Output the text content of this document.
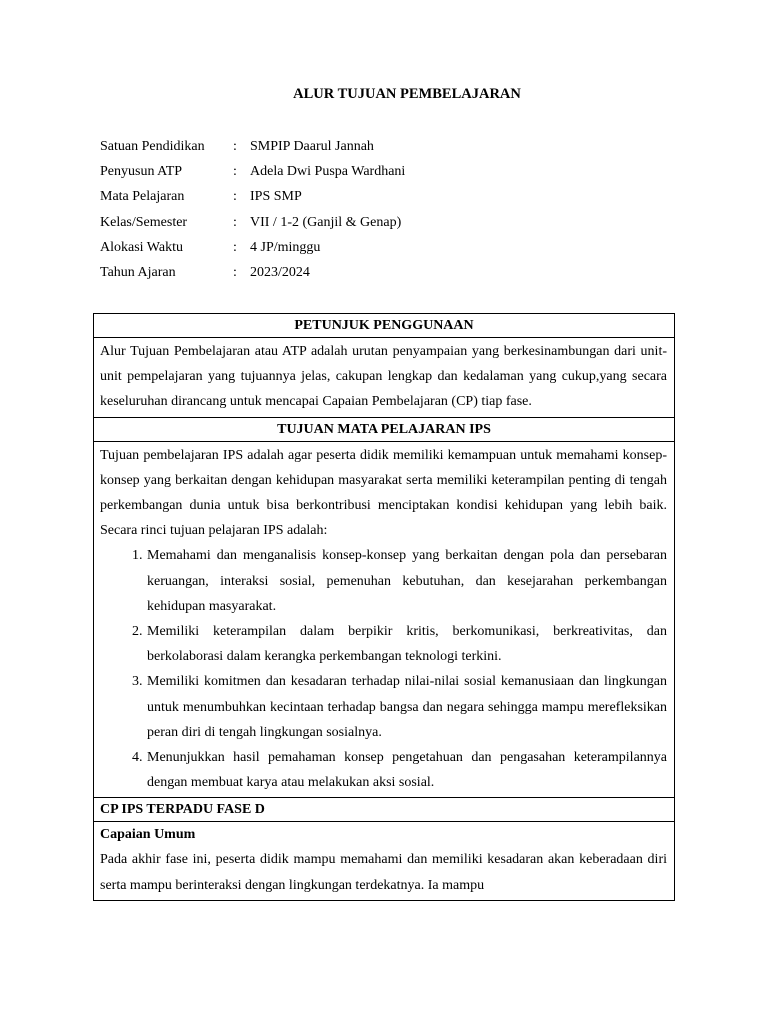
ALUR TUJUAN PEMBELAJARAN
Satuan Pendidikan : SMPIP Daarul Jannah
Penyusun ATP	: Adela Dwi Puspa Wardhani
Mata Pelajaran	: IPS SMP
Kelas/Semester	: VII / 1-2 (Ganjil & Genap)
Alokasi Waktu	: 4 JP/minggu
Tahun Ajaran	: 2023/2024
PETUNJUK PENGGUNAAN
Alur Tujuan Pembelajaran atau ATP adalah urutan penyampaian yang berkesinambungan dari unit-unit pempelajaran yang tujuannya jelas, cakupan lengkap dan kedalaman yang cukup,yang secara keseluruhan dirancang untuk mencapai Capaian Pembelajaran (CP) tiap fase.
TUJUAN MATA PELAJARAN IPS
Tujuan pembelajaran IPS adalah agar peserta didik memiliki kemampuan untuk memahami konsep-konsep yang berkaitan dengan kehidupan masyarakat serta memiliki keterampilan penting di tengah perkembangan dunia untuk bisa berkontribusi menciptakan kondisi kehidupan yang lebih baik. Secara rinci tujuan pelajaran IPS adalah:
1. Memahami dan menganalisis konsep-konsep yang berkaitan dengan pola dan persebaran keruangan, interaksi sosial, pemenuhan kebutuhan, dan kesejarahan perkembangan kehidupan masyarakat.
2. Memiliki keterampilan dalam berpikir kritis, berkomunikasi, berkreativitas, dan berkolaborasi dalam kerangka perkembangan teknologi terkini.
3. Memiliki komitmen dan kesadaran terhadap nilai-nilai sosial kemanusiaan dan lingkungan untuk menumbuhkan kecintaan terhadap bangsa dan negara sehingga mampu merefleksikan peran diri di tengah lingkungan sosialnya.
4. Menunjukkan hasil pemahaman konsep pengetahuan dan pengasahan keterampilannya dengan membuat karya atau melakukan aksi sosial.
CP IPS TERPADU FASE D
Capaian Umum
Pada akhir fase ini, peserta didik mampu memahami dan memiliki kesadaran akan keberadaan diri serta mampu berinteraksi dengan lingkungan terdekatnya. Ia mampu
